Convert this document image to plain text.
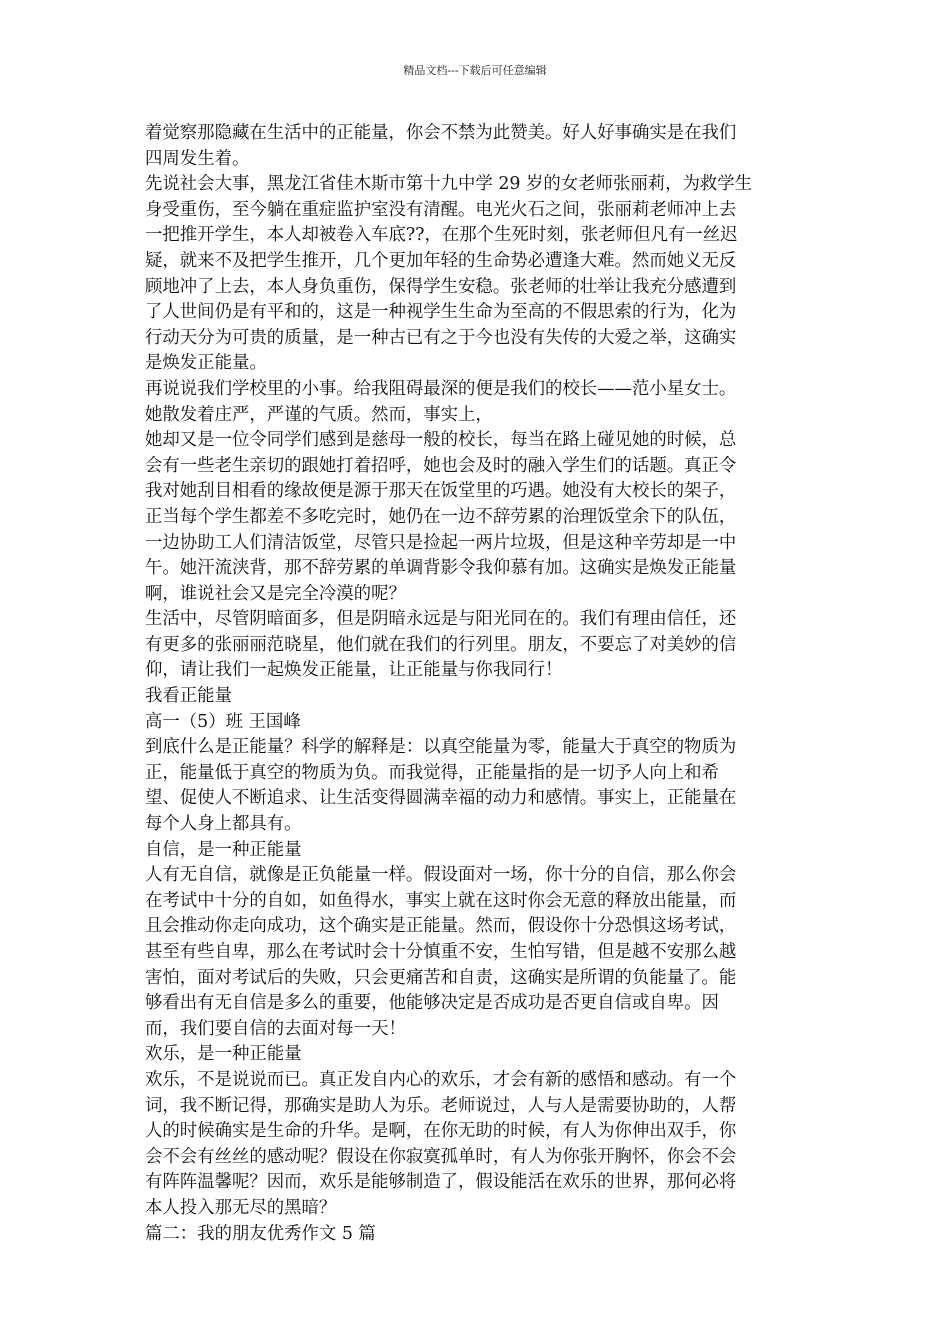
精品文档---下载后可任意编辑
着觉察那隐藏在生活中的正能量，你会不禁为此赞美。好人好事确实是在我们
四周发生着。
先说社会大事，黑龙江省佳木斯市第十九中学 29 岁的女老师张丽莉，为救学生
身受重伤，至今躺在重症监护室没有清醒。电光火石之间，张丽莉老师冲上去
一把推开学生，本人却被卷入车底??，在那个生死时刻，张老师但凡有一丝迟
疑，就来不及把学生推开，几个更加年轻的生命势必遭逢大难。然而她义无反
顾地冲了上去，本人身负重伤，保得学生安稳。张老师的壮举让我充分感遭到
了人世间仍是有平和的，这是一种视学生生命为至高的不假思索的行为，化为
行动天分为可贵的质量，是一种古已有之于今也没有失传的大爱之举，这确实
是焕发正能量。
再说说我们学校里的小事。给我阻碍最深的便是我们的校长——范小星女士。
她散发着庄严，严谨的气质。然而，事实上，
她却又是一位令同学们感到是慈母一般的校长，每当在路上碰见她的时候，总
会有一些老生亲切的跟她打着招呼，她也会及时的融入学生们的话题。真正令
我对她刮目相看的缘故便是源于那天在饭堂里的巧遇。她没有大校长的架子，
正当每个学生都差不多吃完时，她仍在一边不辞劳累的治理饭堂余下的队伍，
一边协助工人们清洁饭堂，尽管只是捡起一两片垃圾，但是这种辛劳却是一中
午。她汗流浃背，那不辞劳累的单调背影令我仰慕有加。这确实是焕发正能量
啊，谁说社会又是完全冷漠的呢？
生活中，尽管阴暗面多，但是阴暗永远是与阳光同在的。我们有理由信任，还
有更多的张丽丽范晓星，他们就在我们的行列里。朋友，不要忘了对美妙的信
仰，请让我们一起焕发正能量，让正能量与你我同行！
我看正能量
高一（5）班 王国峰
到底什么是正能量？科学的解释是：以真空能量为零，能量大于真空的物质为
正，能量低于真空的物质为负。而我觉得，正能量指的是一切予人向上和希
望、促使人不断追求、让生活变得圆满幸福的动力和感情。事实上，正能量在
每个人身上都具有。
自信，是一种正能量
人有无自信，就像是正负能量一样。假设面对一场，你十分的自信，那么你会
在考试中十分的自如，如鱼得水，事实上就在这时你会无意的释放出能量，而
且会推动你走向成功，这个确实是正能量。然而，假设你十分恐惧这场考试，
甚至有些自卑，那么在考试时会十分慎重不安，生怕写错，但是越不安那么越
害怕，面对考试后的失败，只会更痛苦和自责，这确实是所谓的负能量了。能
够看出有无自信是多么的重要，他能够决定是否成功是否更自信或自卑。因
而，我们要自信的去面对每一天！
欢乐，是一种正能量
欢乐，不是说说而已。真正发自内心的欢乐，才会有新的感悟和感动。有一个
词，我不断记得，那确实是助人为乐。老师说过，人与人是需要协助的，人帮
人的时候确实是生命的升华。是啊，在你无助的时候，有人为你伸出双手，你
会不会有丝丝的感动呢？假设在你寂寞孤单时，有人为你张开胸怀，你会不会
有阵阵温馨呢？因而，欢乐是能够制造了，假设能活在欢乐的世界，那何必将
本人投入那无尽的黑暗？
篇二：我的朋友优秀作文 5 篇
